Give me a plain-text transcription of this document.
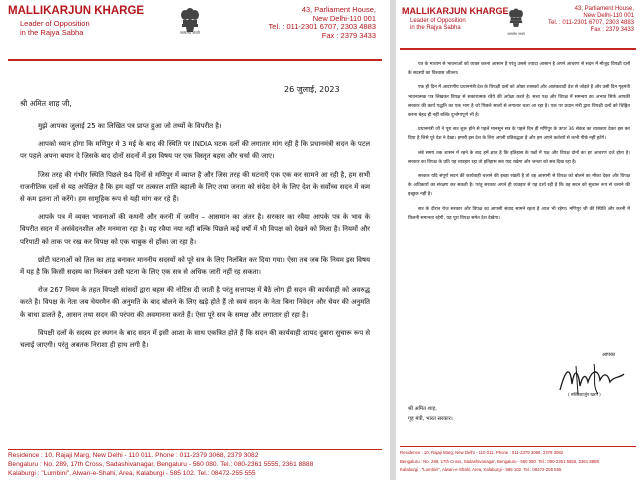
MALLIKARJUN KHARGE
Leader of Opposition
in the Rajya Sabha	सत्यमेव जयते
43, Parliament House,
New Delhi-110 001
Tel. : 011-2301 6707, 2303 4883
Fax : 2379 3433
26 जुलाई, 2023
श्री अमित शाह जी,

मुझे आपका जुलाई 25 का लिखित पत्र प्राप्त हुआ जो तथ्यों के विपरीत है।

आपको ध्यान होगा कि मणिपुर मे 3 मई के बाद की स्थिति पर INDIA घटक दलों की लगातार मांग रही है कि प्रधानमंत्री सदन के पटल पर पहले अपना बयान दे जिसके बाद दोनों सदनों में इस विषय पर एक विस्तृत बहस और चर्चा की जाए।

जिस तरह की गंभीर स्थिति पिछले 84 दिनों से मणिपुर में व्याप्त है और जिस तरह की घटनाएँ एक एक कर सामने आ रही है, हम सभी राजनीतिक दलों से यह अपेक्षित है कि हम वहाँ पर तत्काल शांति बहाली के लिए तथा जनता को संदेश देने के लिए देश के सर्वोच्च सदन में कम से कम इतना तो करेंगे। हम सामूहिक रूप से यही मांग कर रहे हैं।

आपके पत्र में व्यक्त भावनाओं की कथनी और करनी में जमीन – आसमान का अंतर है। सरकार का रवैया आपके पत्र के भाव के विपरीत सदन में असंवेदनशील और मनमाना रहा है। यह रवैया नया नहीं बल्कि पिछले कई वर्षों में भी विपक्ष को देखने को मिला है। नियमों और परिपाटी को ताक पर रख कर विपक्ष को एक चाबुक से हाँका जा रहा है।

छोटी घटनाओं को तिल का ताड़ बनाकर माननीय सदस्यों को पूरे सत्र के लिए निलंबित कर दिया गया। ऐसा तब जब कि नियम इस विषय में यह है कि किसी सदस्य का निलंबन उसी घटना के लिए एक सत्र से अधिक जारी नहीं रह सकता।

रोज 267 नियम के तहत विपक्षी सांसदों द्वारा बहस की नोटिस दी जाती है परंतु सत्तापक्ष में बैठे लोग ही सदन की कार्यवाही को अवरुद्ध करते है। विपक्ष के नेता जब चेयरमैन की अनुमति के बाद बोलने के लिए खड़े होते हैं तो स्वयं सदन के नेता बिना निवेदन और चेयर की अनुमति के बाधा डालते है, आसन तथा सदन की परंपरा की अवमानना करते हैं। ऐसा पूरे सत्र के समक्ष और लगातार हो रहा है।

विपक्षी दलों के सदस्य हर स्थगन के बाद सदन में इसी आशा के साथ एकत्रित होते हैं कि सदन की कार्यवाही शायद दुबारा सुचारू रूप से चलाई जाएगी। परंतु अबतक निराशा ही हाथ लगी है।

Residence : 10, Rajaji Marg, New Delhi - 110 011. Phone : 011-2379 3068, 2379 3082
Bengaluru : No. 289, 17th Cross, Sadashivanagar, Bengaluru - 560 080. Tel.: 080-2361 5555, 2361 8888
Kalaburgi : "Lumbini", Alwan-e-Shahi, Area, Kalaburgi - 585 102. Tel.: 08472-255 555
MALLIKARJUN KHARGE
Leader of Opposition
in the Rajya Sabha
सत्यमेव जयते
43, Parliament House,
New Delhi-110 001
Tel. : 011-2301 6707, 2303 4883
Fax : 2379 3433

पत्र के माध्यम से भावनाओं को व्यक्त करना आसान है परंतु उससे ज़्यादा आसान है अपने आचरण से सदन में मौजूद विपक्षी दलों के सदस्यों का विश्वास जीतना।

एक ही दिन में आदरणीय प्रधानमंत्री देश के विपक्षी दलों को ओछा शासकों और आतंकवादी देश से जोड़ते है और उसी दिन गृहमंत्री भावनात्मक पत्र लिखकर विपक्ष से सकारात्मक रवैये की अपेक्षा करते है। सत्ता पक्ष और विपक्ष में समन्वय का अभाव सिर्फ आपकी सरकार की कार्य पद्धति का एक भाग है जो पिछले सालों से लगातार चला आ रहा है। एक पर प्रधान मंत्री द्वारा विपक्षी दलों को चिह्नित करना बेहद ही नहीं बल्कि दुर्भाग्यपूर्ण भी है।

प्रधानमंत्री जी ने पूरा सत्र शुरू होने से पहले मानसून सत्र के पहले दिन ही मणिपुर के ऊपर 36 सेकंड का व्यक्तव्य देकर इस कर दिया है जिसे पूरे देश ने देखा। हमारी इस देश के लिए अपनी प्रतिबद्धता है और हम अपने कर्तव्यों से कभी पीछे नहीं हटेंगे।

लंबे समय तक शासन में रहने के बाद हमें ज्ञात है कि इतिहास के पन्नों में पक्ष और विपक्ष दोनों का हर आचरण दर्ज होता है। सरकार का विपक्ष के प्रति यह व्यवहार रहा तो इतिहास सब याद रखेगा और जनता को सब दिख रहा है।

सरकार यदि संपूर्ण सदन की कार्यवाही चलाने की इच्छा रखती है तो वह आसानी से विपक्ष को बोलने का मौका देकर और विपक्ष के अधिकारों का संरक्षण कर सकती है। परंतु सरकार अपने ही व्यवहार से यह दर्शा रही है कि वह सदन को सुचारू रूप से चलाने की इच्छुक नहीं है।

सत्र के दौरान रोज सरकार और विपक्ष का आपसी संवाद सामने रहता है आज भी रहेगा। मणिपुर जी की स्थिति और करनी में कितनी समानता रहेगी, यह पूरा विपक्ष समेत देश देखेगा।

आपका
( मल्लिकार्जुन खरगे )
श्री अमित शाह,
गृह मंत्री, भारत सरकार।
Residence : 10, Rajaji Marg, New Delhi - 110 011. Phone : 011-2379 3068, 2379 3082
Bengaluru : No. 289, 17th Cross, Sadashivanagar, Bengaluru - 560 080. Tel.: 080-2361 5555, 2361 8888
Kalaburgi : "Lumbini", Alwan-e-Shahi, Area, Kalaburgi - 585 102. Tel.: 08472-255 555
